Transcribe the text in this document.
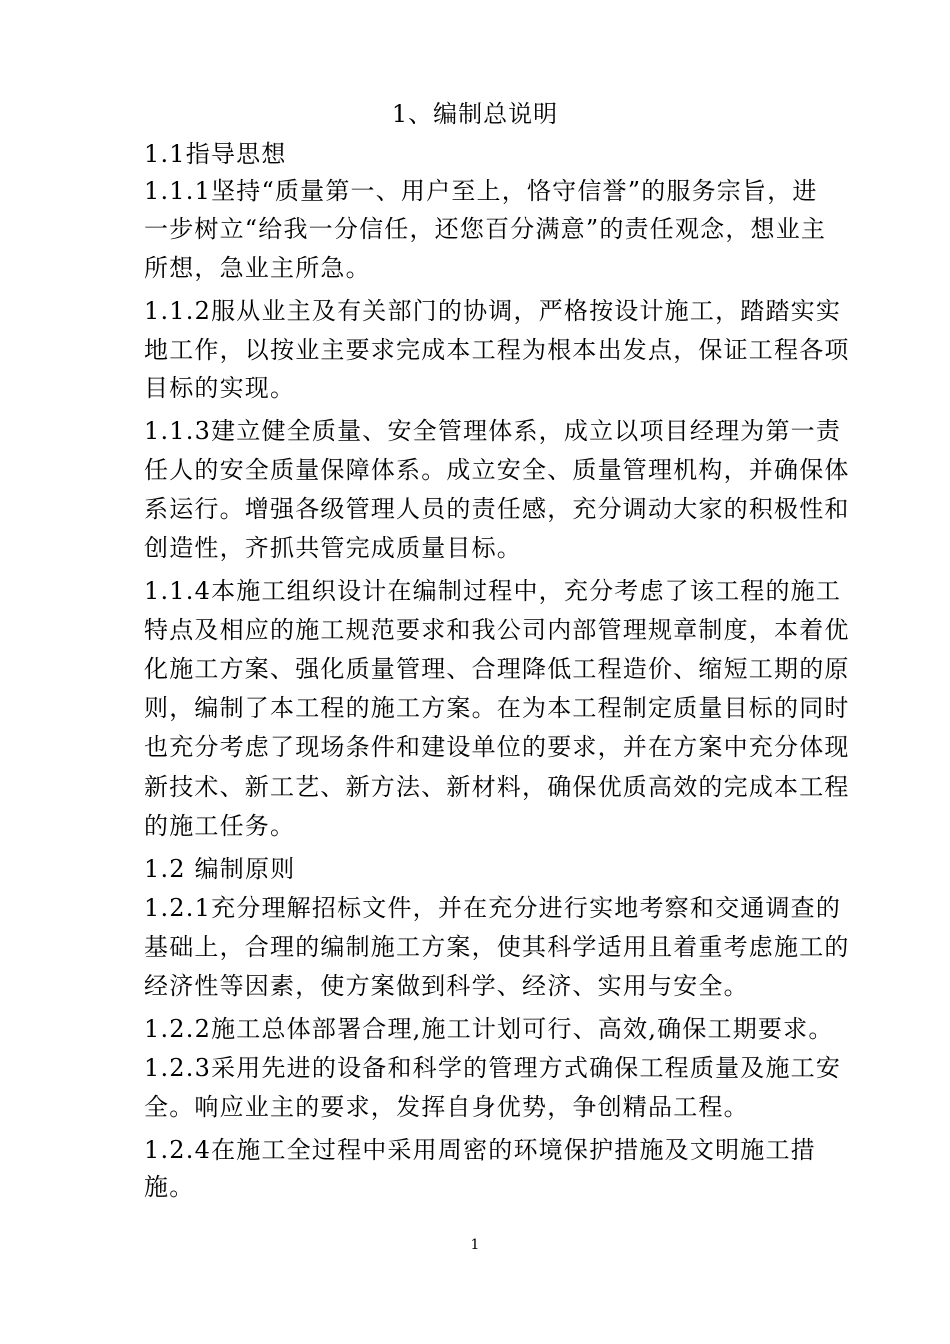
1、编制总说明
1.1指导思想
1.1.1坚持“质量第一、用户至上，恪守信誉”的服务宗旨，进
一步树立“给我一分信任，还您百分满意”的责任观念，想业主
所想，急业主所急。
1.1.2服从业主及有关部门的协调，严格按设计施工，踏踏实实
地工作，以按业主要求完成本工程为根本出发点，保证工程各项
目标的实现。
1.1.3建立健全质量、安全管理体系，成立以项目经理为第一责
任人的安全质量保障体系。成立安全、质量管理机构，并确保体
系运行。增强各级管理人员的责任感，充分调动大家的积极性和
创造性，齐抓共管完成质量目标。
1.1.4本施工组织设计在编制过程中，充分考虑了该工程的施工
特点及相应的施工规范要求和我公司内部管理规章制度，本着优
化施工方案、强化质量管理、合理降低工程造价、缩短工期的原
则，编制了本工程的施工方案。在为本工程制定质量目标的同时
也充分考虑了现场条件和建设单位的要求，并在方案中充分体现
新技术、新工艺、新方法、新材料，确保优质高效的完成本工程
的施工任务。
1.2 编制原则
1.2.1充分理解招标文件，并在充分进行实地考察和交通调查的
基础上，合理的编制施工方案，使其科学适用且着重考虑施工的
经济性等因素，使方案做到科学、经济、实用与安全。
1.2.2施工总体部署合理,施工计划可行、高效,确保工期要求。
1.2.3采用先进的设备和科学的管理方式确保工程质量及施工安
全。响应业主的要求，发挥自身优势，争创精品工程。
1.2.4在施工全过程中采用周密的环境保护措施及文明施工措
施。
1
